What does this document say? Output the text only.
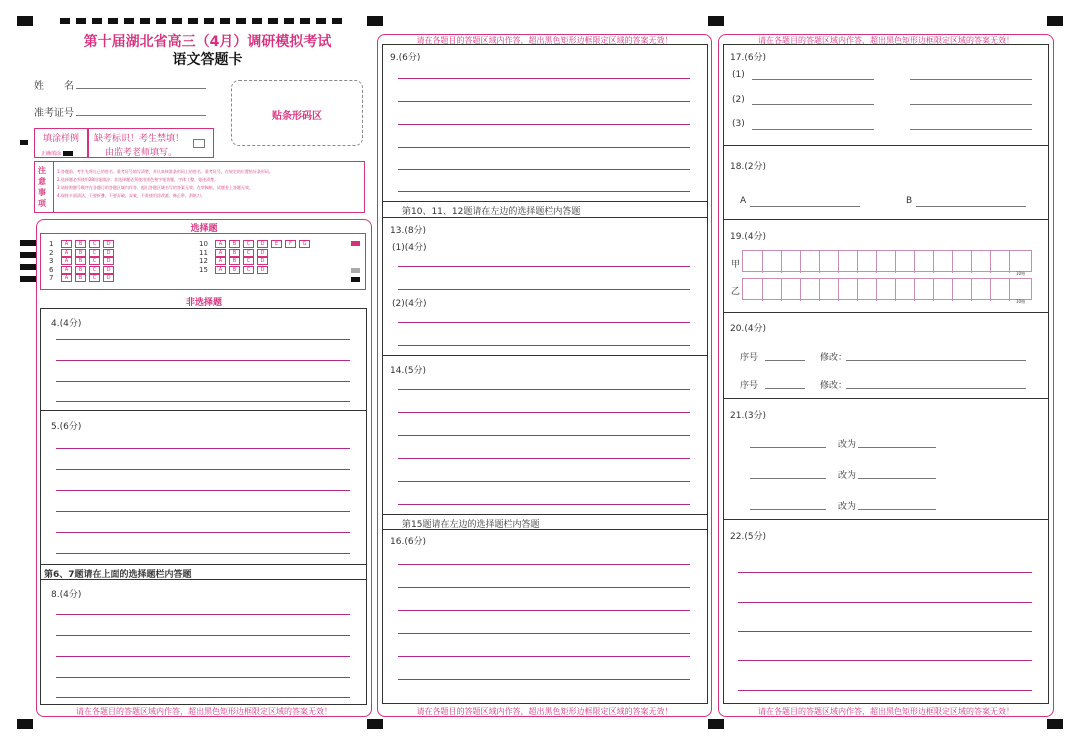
第十届湖北省高三（4月）调研模拟考试
语文答题卡
姓　　名
准考证号	贴条形码区
填涂样例
正确填涂
缺考标识！考生禁填！
由监考老师填写。
注
意
事
项
1.答题前，考生先将自己的姓名、准考证号填写清楚，并认真核准条形码上的姓名、准考证号，在规定的位置贴好条形码。
2.选择题必须使用2B铅笔填涂；非选择题必须使用黑色签字笔答题，字体工整、笔迹清楚。
3.请按照题号顺序在各题目的答题区域内作答，超出答题区域书写的答案无效；在草稿纸、试题卷上答题无效。
4.保持卡面清洁，不要折叠、不要弄破、弄皱，不准使用涂改液、修正带、刮纸刀。
选择题
1 A B C D
2 A B C D
3 A B C D
6 A B C D
7 A B C D
10 A B C D E F G
11 A B C D
12 A B C D
15 A B C D
非选择题
4.(4分)
5.(6分)
第6、7题请在上面的选择题栏内答题
8.(4分)
请在各题目的答题区域内作答，超出黑色矩形边框限定区域的答案无效！
请在各题目的答题区域内作答，超出黑色矩形边框限定区域的答案无效！
9.(6分)
第10、11、12题请在左边的选择题栏内答题
13.(8分)
(1)(4分)
(2)(4分)
14.(5分)
第15题请在左边的选择题栏内答题
16.(6分)
请在各题目的答题区域内作答，超出黑色矩形边框限定区域的答案无效！
请在各题目的答题区域内作答，超出黑色矩形边框限定区域的答案无效！
17.(6分)
(1)
(2)
(3)
18.(2分)
A	B
19.(4分)
甲
10格
乙
10格
20.(4分)
序号	修改：
序号	修改：
21.(3分)
改为
改为
改为
22.(5分)
请在各题目的答题区域内作答，超出黑色矩形边框限定区域的答案无效！
